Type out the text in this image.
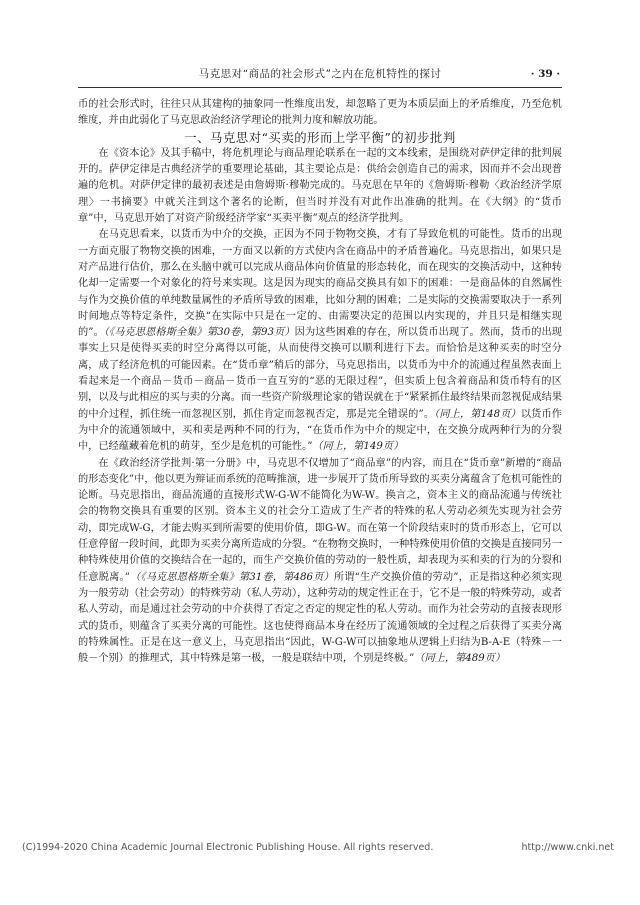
马克思对“商品的社会形式”之内在危机特性的探讨	· 39 ·

币的社会形式时，往往只从其建构的抽象同一性维度出发，却忽略了更为本质层面上的矛盾维度，乃至危机维度，并由此弱化了马克思政治经济学理论的批判力度和解放功能。

一、马克思对“买卖的形而上学平衡”的初步批判

在《资本论》及其手稿中，将危机理论与商品理论联系在一起的文本线索，是围绕对萨伊定律的批判展开的。萨伊定律是古典经济学的重要理论基础，其主要论点是：供给会创造自己的需求，因而并不会出现普遍的危机。对萨伊定律的最初表述是由詹姆斯·穆勒完成的。马克思在早年的《詹姆斯·穆勒〈政治经济学原理〉一书摘要》中就关注到这个著名的论断，但当时并没有对此作出准确的批判。在《大纲》的“货币章”中，马克思开始了对资产阶级经济学家“买卖平衡”观点的经济学批判。

在马克思看来，以货币为中介的交换，正因为不同于物物交换，才有了导致危机的可能性。货币的出现一方面克服了物物交换的困难，一方面又以新的方式使内含在商品中的矛盾普遍化。马克思指出，如果只是对产品进行估价，那么在头脑中就可以完成从商品体向价值量的形态转化，而在现实的交换活动中，这种转化却一定需要一个对象化的符号来实现。这是因为现实的商品交换具有如下的困难：一是商品体的自然属性与作为交换价值的单纯数量属性的矛盾所导致的困难，比如分割的困难；二是实际的交换需要取决于一系列时间地点等特定条件，交换“在实际中只是在一定的、由需要决定的范围以内实现的，并且只是相继实现的”。（《马克思恩格斯全集》第30卷，第93页）因为这些困难的存在，所以货币出现了。然而，货币的出现事实上只是使得买卖的时空分离得以可能，从而使得交换可以顺利进行下去。而恰恰是这种买卖的时空分离，成了经济危机的可能因素。在“货币章”稍后的部分，马克思指出，以货币为中介的流通过程虽然表面上看起来是一个商品－货币－商品－货币一直互穷的“恶的无限过程”，但实质上包含着商品和货币特有的区别，以及与此相应的买与卖的分离。而一些资产阶级理论家的错误就在于“紧紧抓住最终结果而忽视促成结果的中介过程，抓住统一而忽视区别，抓住肯定而忽视否定，那是完全错误的”。（同上，第148页）以货币作为中介的流通领域中，买和卖是两种不同的行为，“在货币作为中介的规定中，在交换分成两种行为的分裂中，已经蕴藏着危机的萌芽，至少是危机的可能性。”（同上，第149页）

在《政治经济学批判·第一分册》中，马克思不仅增加了“商品章”的内容，而且在“货币章”新增的“商品的形态变化”中，他以更为辩证而系统的范畴推演，进一步展开了货币所导致的买卖分离蕴含了危机可能性的论断。马克思指出，商品流通的直接形式W-G-W不能简化为W-W。换言之，资本主义的商品流通与传统社会的物物交换具有重要的区别。资本主义的社会分工造成了生产者的特殊的私人劳动必须先实现为社会劳动，即完成W-G，才能去购买到所需要的使用价值，即G-W。而在第一个阶段结束时的货币形态上，它可以任意停留一段时间，此即为买卖分离所造成的分裂。“在物物交换时，一种特殊使用价值的交换是直接同另一种特殊使用价值的交换结合在一起的，而生产交换价值的劳动的一般性质，却表现为买和卖的行为的分裂和任意脱离。”（《马克思恩格斯全集》第31卷，第486页）所谓“生产交换价值的劳动”，正是指这种必须实现为一般劳动（社会劳动）的特殊劳动（私人劳动），这种劳动的规定性正在于，它不是一般的特殊劳动，或者私人劳动，而是通过社会劳动的中介获得了否定之否定的规定性的私人劳动。而作为社会劳动的直接表现形式的货币，则蕴含了买卖分离的可能性。这也使得商品本身在经历了流通领域的全过程之后获得了买卖分离的特殊属性。正是在这一意义上，马克思指出“因此，W-G-W可以抽象地从逻辑上归结为B-A-E（特殊－一般－个别）的推理式，其中特殊是第一极，一般是联结中项，个别是终极。”（同上，第489页）

(C)1994-2020 China Academic Journal Electronic Publishing House. All rights reserved.	http://www.cnki.net
